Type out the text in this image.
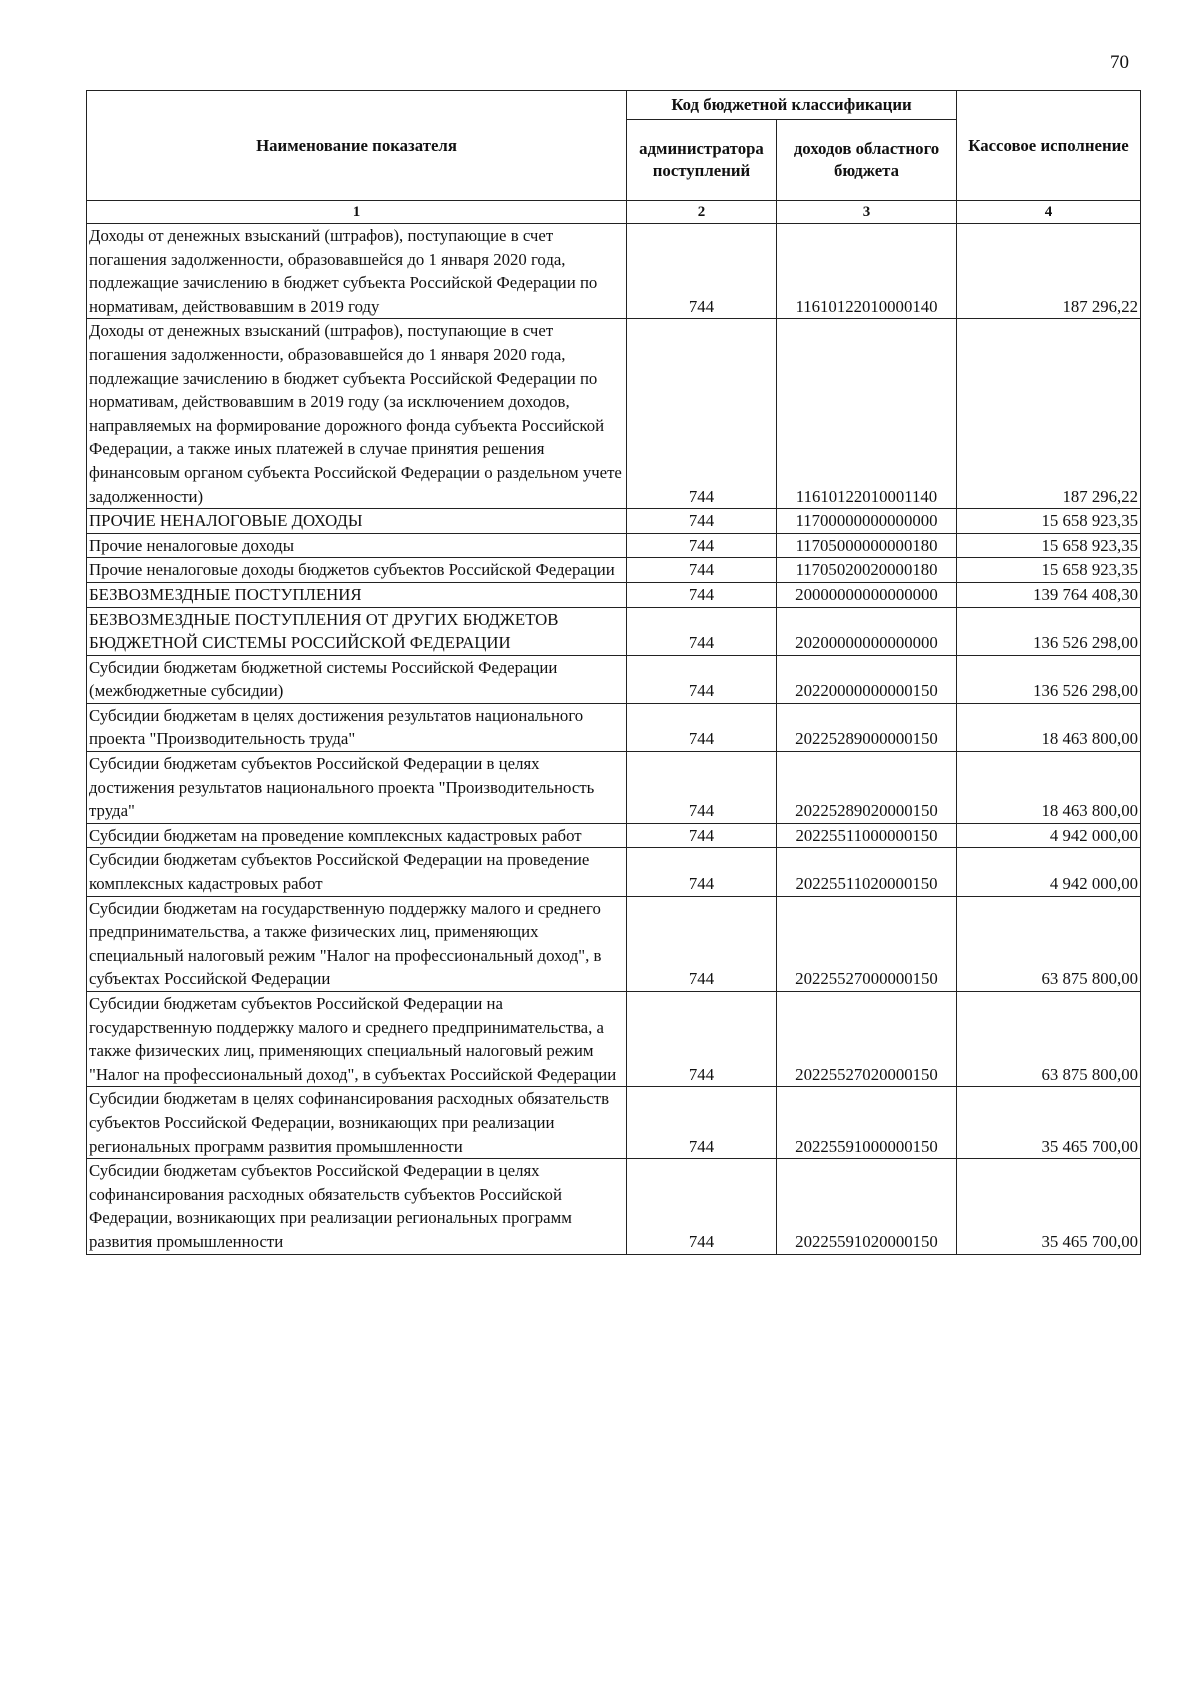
70
Наименование показателя	Код бюджетной классификации		Кассовое исполнение
	администратора поступлений	доходов областного бюджета	
1	2	3	4
Доходы от денежных взысканий (штрафов), поступающие в счет погашения задолженности, образовавшейся до 1 января 2020 года, подлежащие зачислению в бюджет субъекта Российской Федерации по нормативам, действовавшим в 2019 году	744	11610122010000140	187 296,22
Доходы от денежных взысканий (штрафов), поступающие в счет погашения задолженности, образовавшейся до 1 января 2020 года, подлежащие зачислению в бюджет субъекта Российской Федерации по нормативам, действовавшим в 2019 году (за исключением доходов, направляемых на формирование дорожного фонда субъекта Российской Федерации, а также иных платежей в случае принятия решения финансовым органом субъекта Российской Федерации о раздельном учете задолженности)	744	11610122010001140	187 296,22
ПРОЧИЕ НЕНАЛОГОВЫЕ ДОХОДЫ	744	11700000000000000	15 658 923,35
Прочие неналоговые доходы	744	11705000000000180	15 658 923,35
Прочие неналоговые доходы бюджетов субъектов Российской Федерации	744	11705020020000180	15 658 923,35
БЕЗВОЗМЕЗДНЫЕ ПОСТУПЛЕНИЯ	744	20000000000000000	139 764 408,30
БЕЗВОЗМЕЗДНЫЕ ПОСТУПЛЕНИЯ ОТ ДРУГИХ БЮДЖЕТОВ БЮДЖЕТНОЙ СИСТЕМЫ РОССИЙСКОЙ ФЕДЕРАЦИИ	744	20200000000000000	136 526 298,00
Субсидии бюджетам бюджетной системы Российской Федерации (межбюджетные субсидии)	744	20220000000000150	136 526 298,00
Субсидии бюджетам в целях достижения результатов национального проекта "Производительность труда"	744	20225289000000150	18 463 800,00
Субсидии бюджетам субъектов Российской Федерации в целях достижения результатов национального проекта "Производительность труда"	744	20225289020000150	18 463 800,00
Субсидии бюджетам на проведение комплексных кадастровых работ	744	20225511000000150	4 942 000,00
Субсидии бюджетам субъектов Российской Федерации на проведение комплексных кадастровых работ	744	20225511020000150	4 942 000,00
Субсидии бюджетам на государственную поддержку малого и среднего предпринимательства, а также физических лиц, применяющих специальный налоговый режим "Налог на профессиональный доход", в субъектах Российской Федерации	744	20225527000000150	63 875 800,00
Субсидии бюджетам субъектов Российской Федерации на государственную поддержку малого и среднего предпринимательства, а также физических лиц, применяющих специальный налоговый режим "Налог на профессиональный доход", в субъектах Российской Федерации	744	20225527020000150	63 875 800,00
Субсидии бюджетам в целях софинансирования расходных обязательств субъектов Российской Федерации, возникающих при реализации региональных программ развития промышленности	744	20225591000000150	35 465 700,00
Субсидии бюджетам субъектов Российской Федерации в целях софинансирования расходных обязательств субъектов Российской Федерации, возникающих при реализации региональных программ развития промышленности	744	20225591020000150	35 465 700,00
